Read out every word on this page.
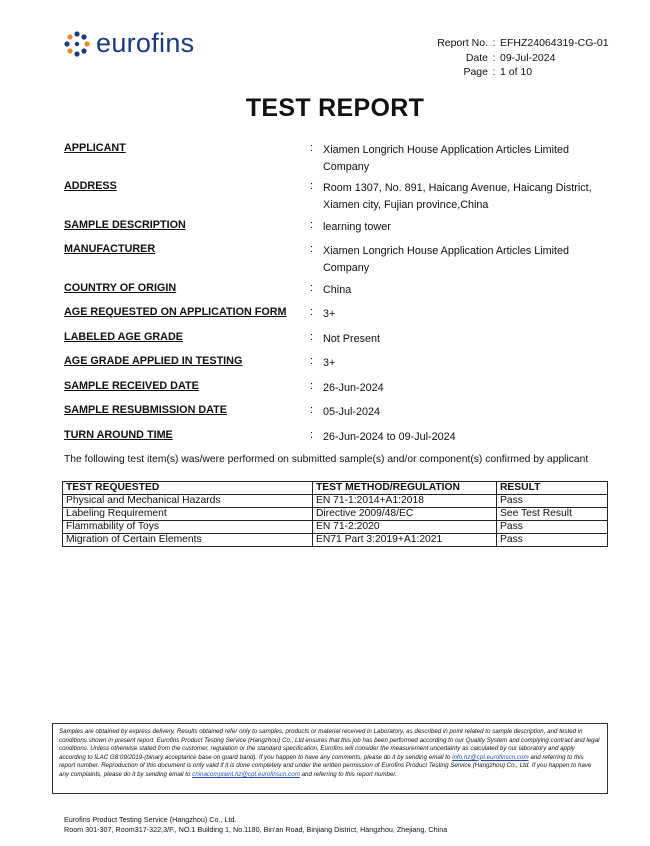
eurofins	Report No. : EFHZ24064319-CG-01
Date : 09-Jul-2024
Page : 1 of 10
TEST REPORT
APPLICANT	: Xiamen Longrich House Application Articles Limited Company
ADDRESS	: Room 1307, No. 891, Haicang Avenue, Haicang District, Xiamen city, Fujian province,China
SAMPLE DESCRIPTION	: learning tower
MANUFACTURER	: Xiamen Longrich House Application Articles Limited Company
COUNTRY OF ORIGIN	: China
AGE REQUESTED ON APPLICATION FORM	: 3+
LABELED AGE GRADE	: Not Present
AGE GRADE APPLIED IN TESTING	: 3+
SAMPLE RECEIVED DATE	: 26-Jun-2024
SAMPLE RESUBMISSION DATE	: 05-Jul-2024
TURN AROUND TIME	: 26-Jun-2024 to 09-Jul-2024
The following test item(s) was/were performed on submitted sample(s) and/or component(s) confirmed by applicant
TEST REQUESTED	TEST METHOD/REGULATION	RESULT
Physical and Mechanical Hazards	EN 71-1:2014+A1:2018	Pass
Labeling Requirement	Directive 2009/48/EC	See Test Result
Flammability of Toys	EN 71-2:2020	Pass
Migration of Certain Elements	EN71 Part 3:2019+A1:2021	Pass
Samples are obtained by express delivery, Results obtained refer only to samples, products or material received in Laboratory, as described in point related to sample description, and tested in conditions shown in present report. Eurofins Product Testing Service (Hangzhou) Co., Ltd ensures that this job has been performed according to our Quality System and complying contract and legal conditions. Unless otherwise stated from the customer, regulation or the standard specification, Eurofins will consider the measurement uncertainty as calculated by our laboratory and apply according to ILAC G8:09/2019-(binary acceptance base on guard band). If you happen to have any comments, please do it by sending email to info.hz@cpt.eurofinscn.com and referring to this report number. Reproduction of this document is only valid if it is done completely and under the written permission of Eurofins Product Testing Service (Hangzhou) Co., Ltd. If you happen to have any complaints, please do it by sending email to chinacomplaint.hz@cpt.eurofinscn.com and referring to this report number.
Eurofins Product Testing Service (Hangzhou) Co., Ltd.
Room 301-307, Room317-322,3/F., NO.1 Building 1, No.1180, Bin'an Road, Binjiang District, Hangzhou, Zhejiang, China
